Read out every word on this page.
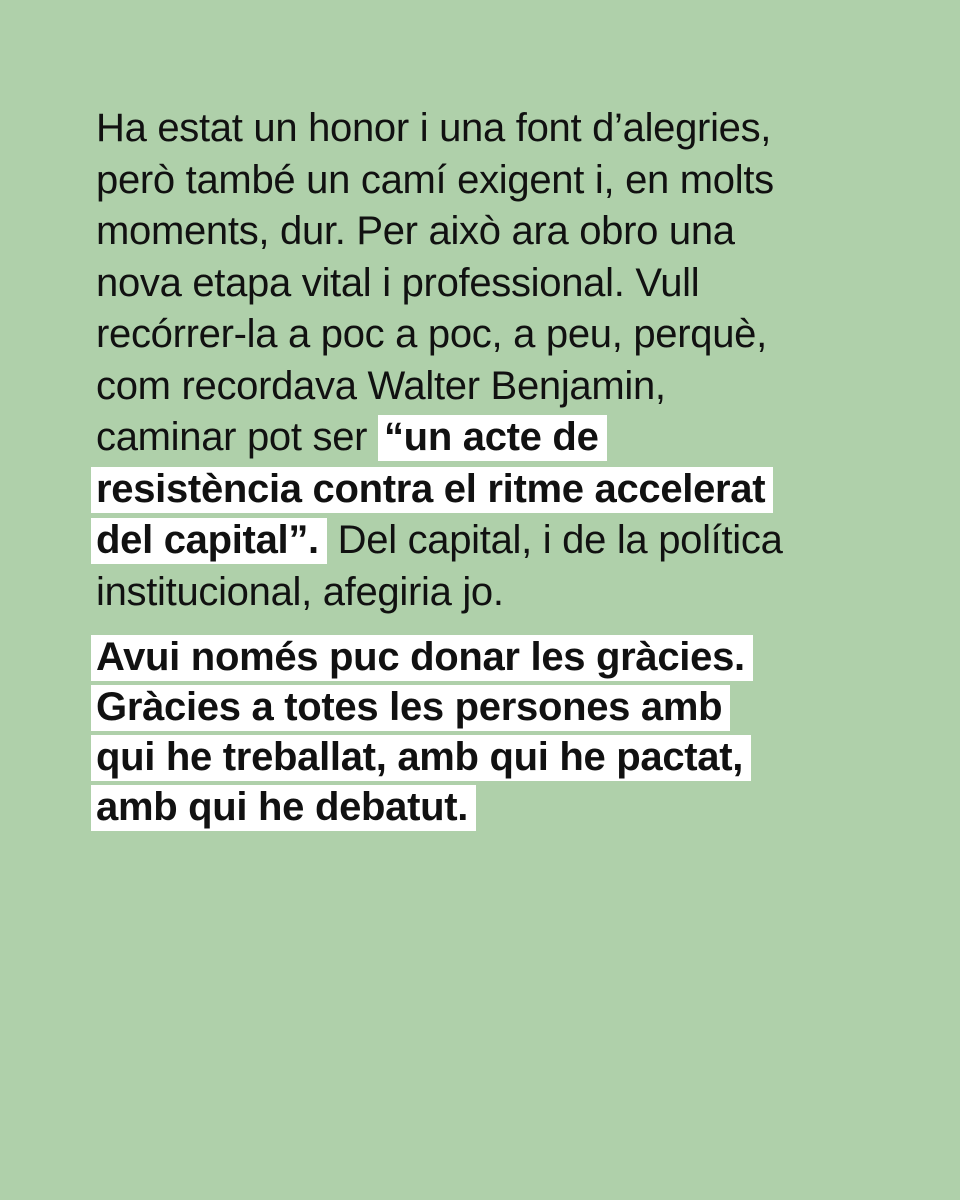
Ha estat un honor i una font d’alegries,
però també un camí exigent i, en molts
moments, dur. Per això ara obro una
nova etapa vital i professional. Vull
recórrer-la a poc a poc, a peu, perquè,
com recordava Walter Benjamin,
caminar pot ser “un acte de
resistència contra el ritme accelerat
del capital”. Del capital, i de la política
institucional, afegiria jo.
Avui només puc donar les gràcies.
Gràcies a totes les persones amb
qui he treballat, amb qui he pactat,
amb qui he debatut.
